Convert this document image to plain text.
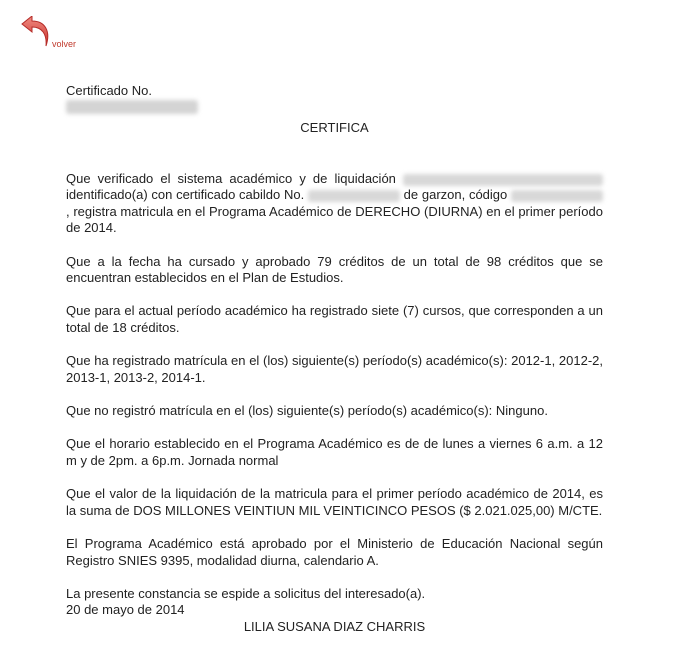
volver

Certificado No.

CERTIFICA

Que verificado el sistema académico y de liquidación  identificado(a) con certificado cabildo No.	de garzon, código , registra matricula en el Programa Académico de DERECHO (DIURNA) en el primer período de 2014.

Que a la fecha ha cursado y aprobado 79 créditos de un total de 98 créditos que se encuentran establecidos en el Plan de Estudios.

Que para el actual período académico ha registrado siete (7) cursos, que corresponden a un total de 18 créditos.

Que ha registrado matrícula en el (los) siguiente(s) período(s) académico(s): 2012-1, 2012-2, 2013-1, 2013-2, 2014-1.

Que no registró matrícula en el (los) siguiente(s) período(s) académico(s): Ninguno.

Que el horario establecido en el Programa Académico es de de lunes a viernes 6 a.m. a 12 m y de 2pm. a 6p.m. Jornada normal

Que el valor de la liquidación de la matricula para el primer período académico de 2014, es la suma de DOS MILLONES VEINTIUN MIL VEINTICINCO PESOS ($ 2.021.025,00) M/CTE.

El Programa Académico está aprobado por el Ministerio de Educación Nacional según Registro SNIES 9395, modalidad diurna, calendario A.

La presente constancia se espide a solicitus del interesado(a).

20 de mayo de 2014

LILIA SUSANA DIAZ CHARRIS
